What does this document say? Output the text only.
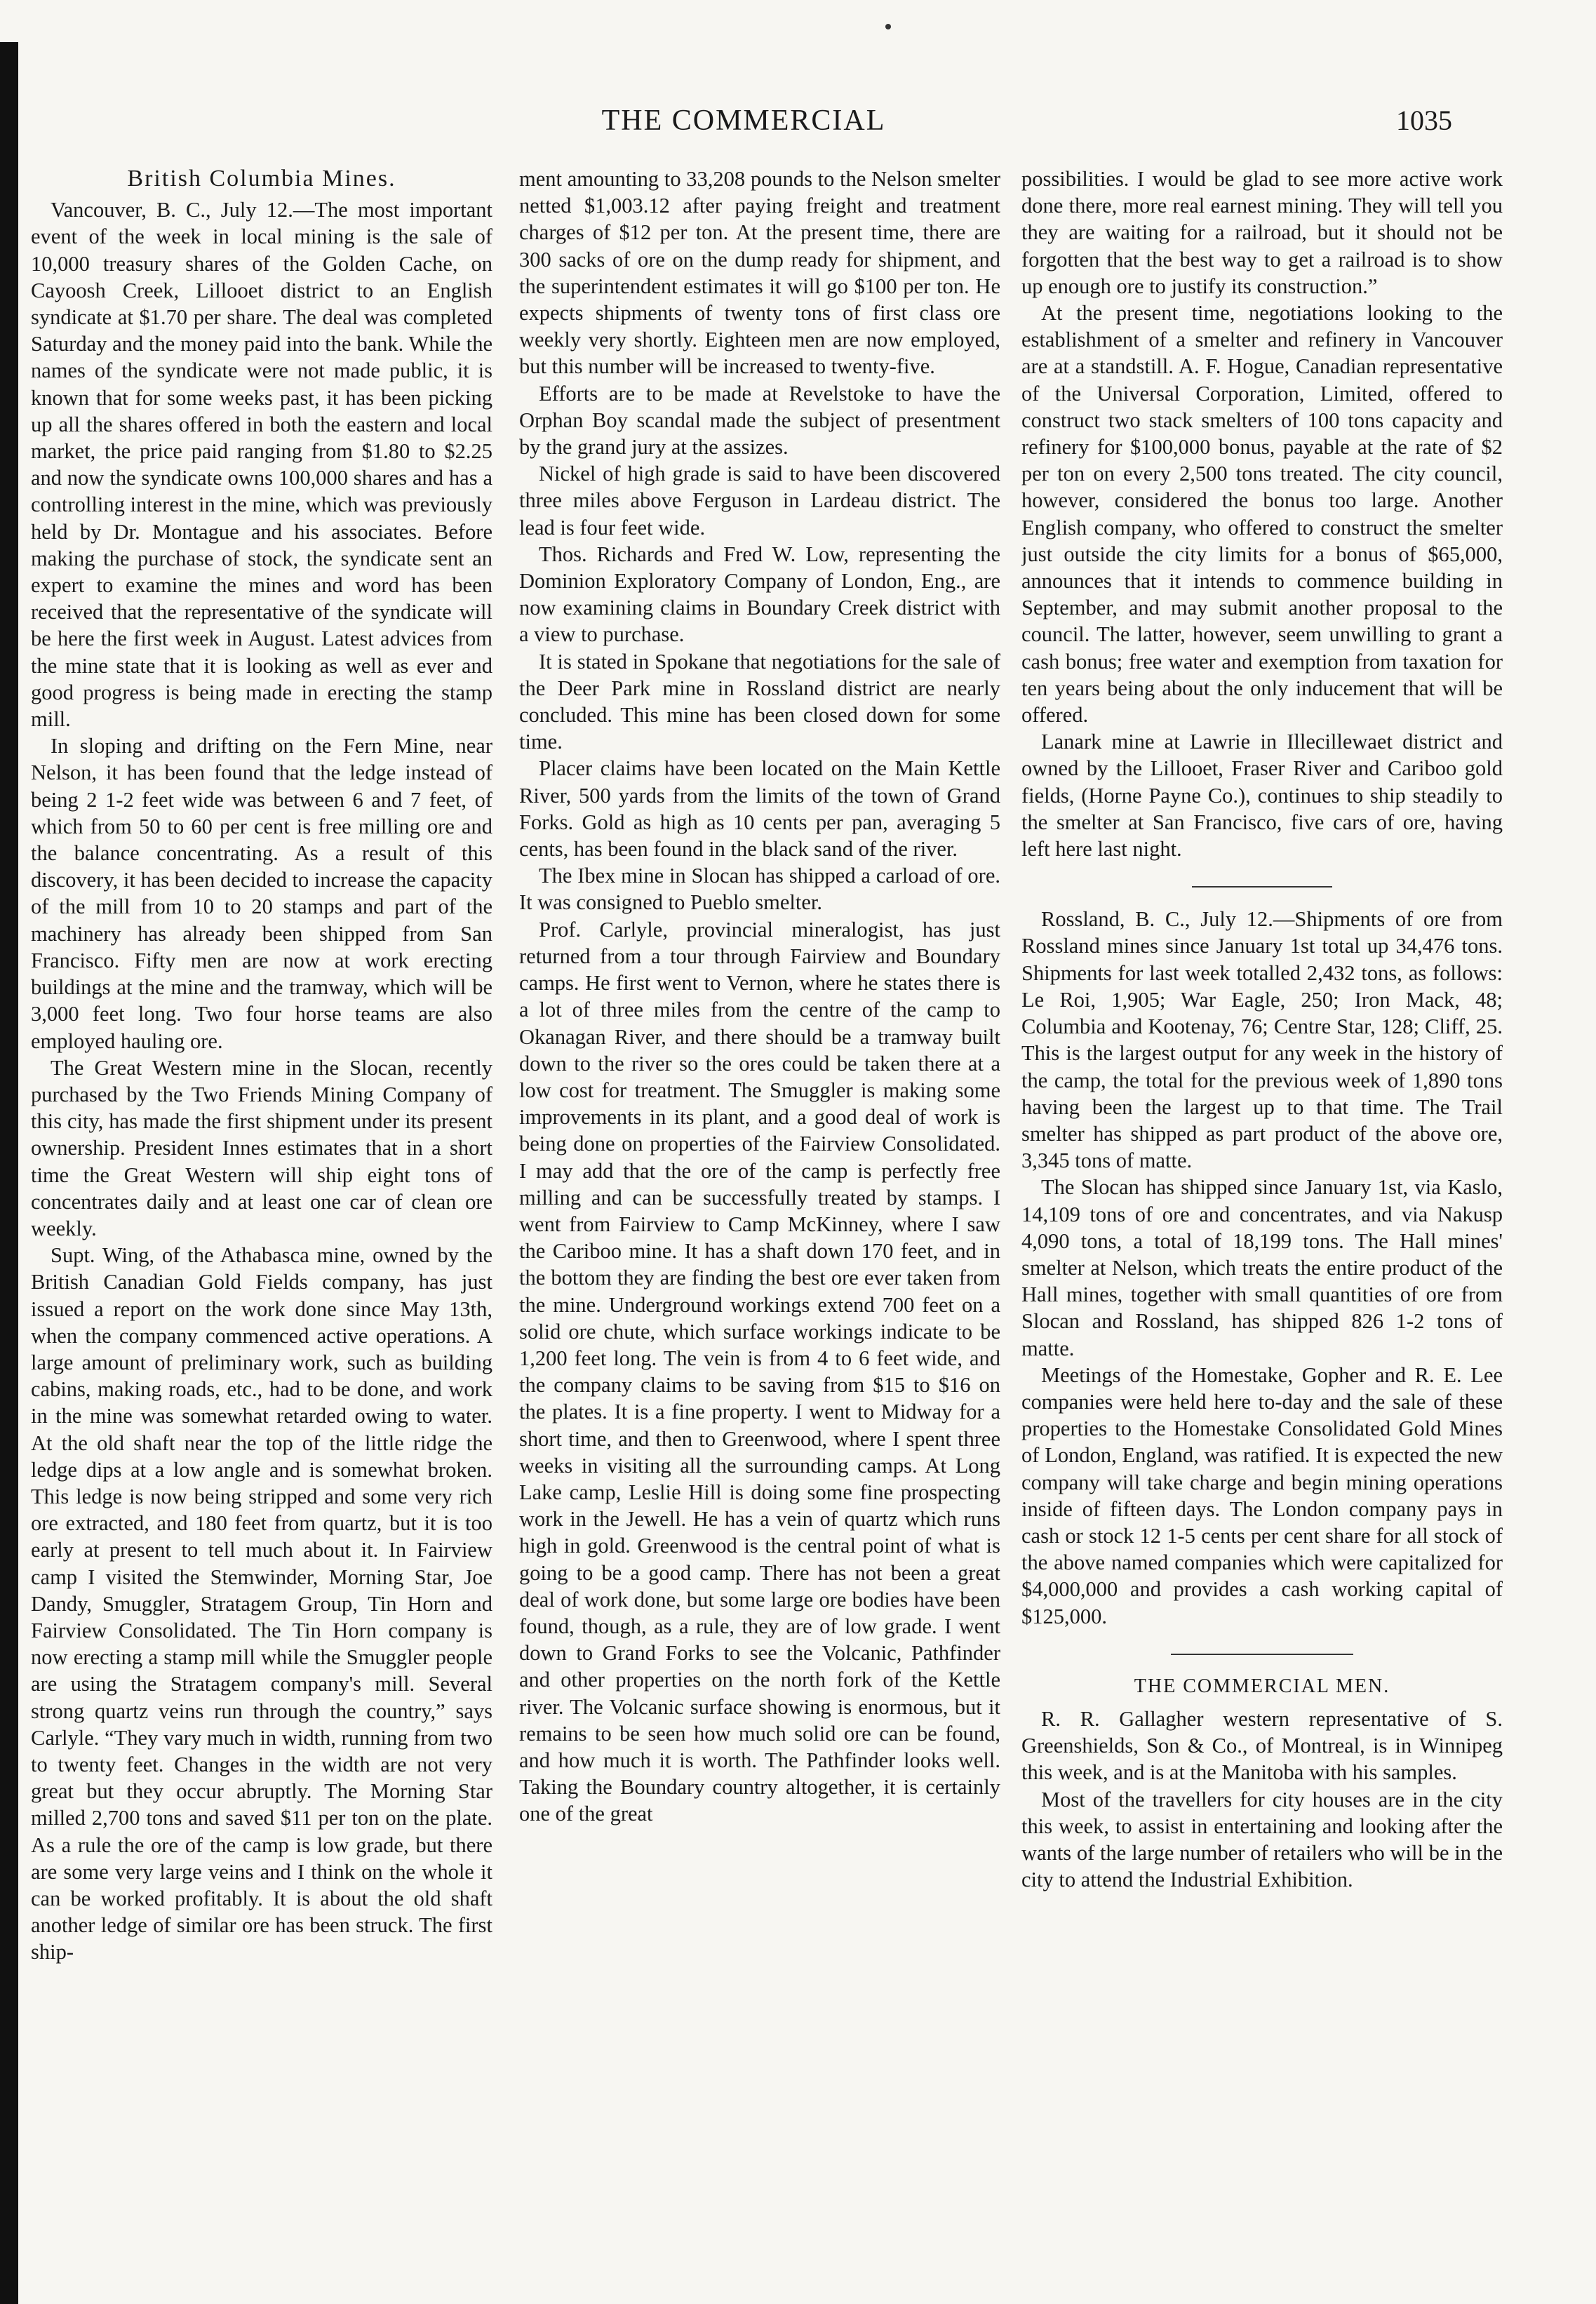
THE COMMERCIAL	1035
British Columbia Mines.

Vancouver, B. C., July 12.—The most important event of the week in local mining is the sale of 10,000 treasury shares of the Golden Cache, on Cayoosh Creek, Lillooet district to an English syndicate at $1.70 per share. The deal was completed Saturday and the money paid into the bank. While the names of the syndicate were not made public, it is known that for some weeks past, it has been picking up all the shares offered in both the eastern and local market, the price paid ranging from $1.80 to $2.25 and now the syndicate owns 100,000 shares and has a controlling interest in the mine, which was previously held by Dr. Montague and his associates. Before making the purchase of stock, the syndicate sent an expert to examine the mines and word has been received that the representative of the syndicate will be here the first week in August. Latest advices from the mine state that it is looking as well as ever and good progress is being made in erecting the stamp mill.

In sloping and drifting on the Fern Mine, near Nelson, it has been found that the ledge instead of being 2 1-2 feet wide was between 6 and 7 feet, of which from 50 to 60 per cent is free milling ore and the balance concentrating. As a result of this discovery, it has been decided to increase the capacity of the mill from 10 to 20 stamps and part of the machinery has already been shipped from San Francisco. Fifty men are now at work erecting buildings at the mine and the tramway, which will be 3,000 feet long. Two four horse teams are also employed hauling ore.

The Great Western mine in the Slocan, recently purchased by the Two Friends Mining Company of this city, has made the first shipment under its present ownership. President Innes estimates that in a short time the Great Western will ship eight tons of concentrates daily and at least one car of clean ore weekly.

Supt. Wing, of the Athabasca mine, owned by the British Canadian Gold Fields company, has just issued a report on the work done since May 13th, when the company commenced active operations. A large amount of preliminary work, such as building cabins, making roads, etc., had to be done, and work in the mine was somewhat retarded owing to water. At the old shaft near the top of the little ridge the ledge dips at a low angle and is somewhat broken. This ledge is now being stripped and some very rich ore extracted, and 180 feet from quartz, but it is too early at present to tell much about it. In Fairview camp I visited the Stemwinder, Morning Star, Joe Dandy, Smuggler, Stratagem Group, Tin Horn and Fairview Consolidated. The Tin Horn company is now erecting a stamp mill while the Smuggler people are using the Stratagem company's mill. Several strong quartz veins run through the country,” says Carlyle. “They vary much in width, running from two to twenty feet. Changes in the width are not very great but they occur abruptly. The Morning Star milled 2,700 tons and saved $11 per ton on the plate. As a rule the ore of the camp is low grade, but there are some very large veins and I think on the whole it can be worked profitably. It is about the old shaft another ledge of similar ore has been struck. The first ship-

ment amounting to 33,208 pounds to the Nelson smelter netted $1,003.12 after paying freight and treatment charges of $12 per ton. At the present time, there are 300 sacks of ore on the dump ready for shipment, and the superintendent estimates it will go $100 per ton. He expects shipments of twenty tons of first class ore weekly very shortly. Eighteen men are now employed, but this number will be increased to twenty-five.

Efforts are to be made at Revelstoke to have the Orphan Boy scandal made the subject of presentment by the grand jury at the assizes.

Nickel of high grade is said to have been discovered three miles above Ferguson in Lardeau district. The lead is four feet wide.

Thos. Richards and Fred W. Low, representing the Dominion Exploratory Company of London, Eng., are now examining claims in Boundary Creek district with a view to purchase.

It is stated in Spokane that negotiations for the sale of the Deer Park mine in Rossland district are nearly concluded. This mine has been closed down for some time.

Placer claims have been located on the Main Kettle River, 500 yards from the limits of the town of Grand Forks. Gold as high as 10 cents per pan, averaging 5 cents, has been found in the black sand of the river.

The Ibex mine in Slocan has shipped a carload of ore. It was consigned to Pueblo smelter.

Prof. Carlyle, provincial mineralogist, has just returned from a tour through Fairview and Boundary camps. He first went to Vernon, where he states there is a lot of three miles from the centre of the camp to Okanagan River, and there should be a tramway built down to the river so the ores could be taken there at a low cost for treatment. The Smuggler is making some improvements in its plant, and a good deal of work is being done on properties of the Fairview Consolidated. I may add that the ore of the camp is perfectly free milling and can be successfully treated by stamps. I went from Fairview to Camp McKinney, where I saw the Cariboo mine. It has a shaft down 170 feet, and in the bottom they are finding the best ore ever taken from the mine. Underground workings extend 700 feet on a solid ore chute, which surface workings indicate to be 1,200 feet long. The vein is from 4 to 6 feet wide, and the company claims to be saving from $15 to $16 on the plates. It is a fine property. I went to Midway for a short time, and then to Greenwood, where I spent three weeks in visiting all the surrounding camps. At Long Lake camp, Leslie Hill is doing some fine prospecting work in the Jewell. He has a vein of quartz which runs high in gold. Greenwood is the central point of what is going to be a good camp. There has not been a great deal of work done, but some large ore bodies have been found, though, as a rule, they are of low grade. I went down to Grand Forks to see the Volcanic, Pathfinder and other properties on the north fork of the Kettle river. The Volcanic surface showing is enormous, but it remains to be seen how much solid ore can be found, and how much it is worth. The Pathfinder looks well. Taking the Boundary country altogether, it is certainly one of the great

possibilities. I would be glad to see more active work done there, more real earnest mining. They will tell you they are waiting for a railroad, but it should not be forgotten that the best way to get a railroad is to show up enough ore to justify its construction.”

At the present time, negotiations looking to the establishment of a smelter and refinery in Vancouver are at a standstill. A. F. Hogue, Canadian representative of the Universal Corporation, Limited, offered to construct two stack smelters of 100 tons capacity and refinery for $100,000 bonus, payable at the rate of $2 per ton on every 2,500 tons treated. The city council, however, considered the bonus too large. Another English company, who offered to construct the smelter just outside the city limits for a bonus of $65,000, announces that it intends to commence building in September, and may submit another proposal to the council. The latter, however, seem unwilling to grant a cash bonus; free water and exemption from taxation for ten years being about the only inducement that will be offered.

Lanark mine at Lawrie in Illecillewaet district and owned by the Lillooet, Fraser River and Cariboo gold fields, (Horne Payne Co.), continues to ship steadily to the smelter at San Francisco, five cars of ore, having left here last night.

Rossland, B. C., July 12.—Shipments of ore from Rossland mines since January 1st total up 34,476 tons. Shipments for last week totalled 2,432 tons, as follows: Le Roi, 1,905; War Eagle, 250; Iron Mack, 48; Columbia and Kootenay, 76; Centre Star, 128; Cliff, 25. This is the largest output for any week in the history of the camp, the total for the previous week of 1,890 tons having been the largest up to that time. The Trail smelter has shipped as part product of the above ore, 3,345 tons of matte.

The Slocan has shipped since January 1st, via Kaslo, 14,109 tons of ore and concentrates, and via Nakusp 4,090 tons, a total of 18,199 tons. The Hall mines' smelter at Nelson, which treats the entire product of the Hall mines, together with small quantities of ore from Slocan and Rossland, has shipped 826 1-2 tons of matte.

Meetings of the Homestake, Gopher and R. E. Lee companies were held here to-day and the sale of these properties to the Homestake Consolidated Gold Mines of London, England, was ratified. It is expected the new company will take charge and begin mining operations inside of fifteen days. The London company pays in cash or stock 12 1-5 cents per cent share for all stock of the above named companies which were capitalized for $4,000,000 and provides a cash working capital of $125,000.

THE COMMERCIAL MEN.

R. R. Gallagher western representative of S. Greenshields, Son & Co., of Montreal, is in Winnipeg this week, and is at the Manitoba with his samples.

Most of the travellers for city houses are in the city this week, to assist in entertaining and looking after the wants of the large number of retailers who will be in the city to attend the Industrial Exhibition.
